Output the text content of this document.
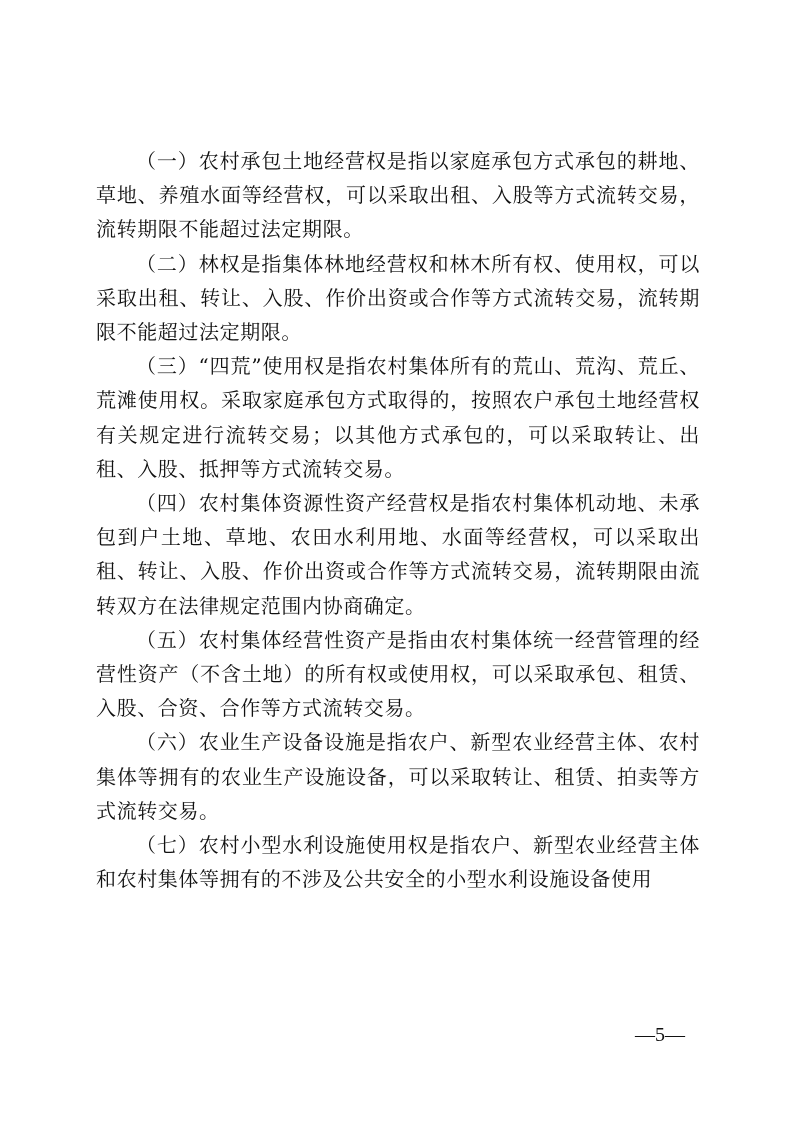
（一）农村承包土地经营权是指以家庭承包方式承包的耕地、草地、养殖水面等经营权，可以采取出租、入股等方式流转交易，流转期限不能超过法定期限。

（二）林权是指集体林地经营权和林木所有权、使用权，可以采取出租、转让、入股、作价出资或合作等方式流转交易，流转期限不能超过法定期限。

（三）“四荒”使用权是指农村集体所有的荒山、荒沟、荒丘、荒滩使用权。采取家庭承包方式取得的，按照农户承包土地经营权有关规定进行流转交易；以其他方式承包的，可以采取转让、出租、入股、抵押等方式流转交易。

（四）农村集体资源性资产经营权是指农村集体机动地、未承包到户土地、草地、农田水利用地、水面等经营权，可以采取出租、转让、入股、作价出资或合作等方式流转交易，流转期限由流转双方在法律规定范围内协商确定。

（五）农村集体经营性资产是指由农村集体统一经营管理的经营性资产（不含土地）的所有权或使用权，可以采取承包、租赁、入股、合资、合作等方式流转交易。

（六）农业生产设备设施是指农户、新型农业经营主体、农村集体等拥有的农业生产设施设备，可以采取转让、租赁、拍卖等方式流转交易。

（七）农村小型水利设施使用权是指农户、新型农业经营主体和农村集体等拥有的不涉及公共安全的小型水利设施设备使用

—5—
